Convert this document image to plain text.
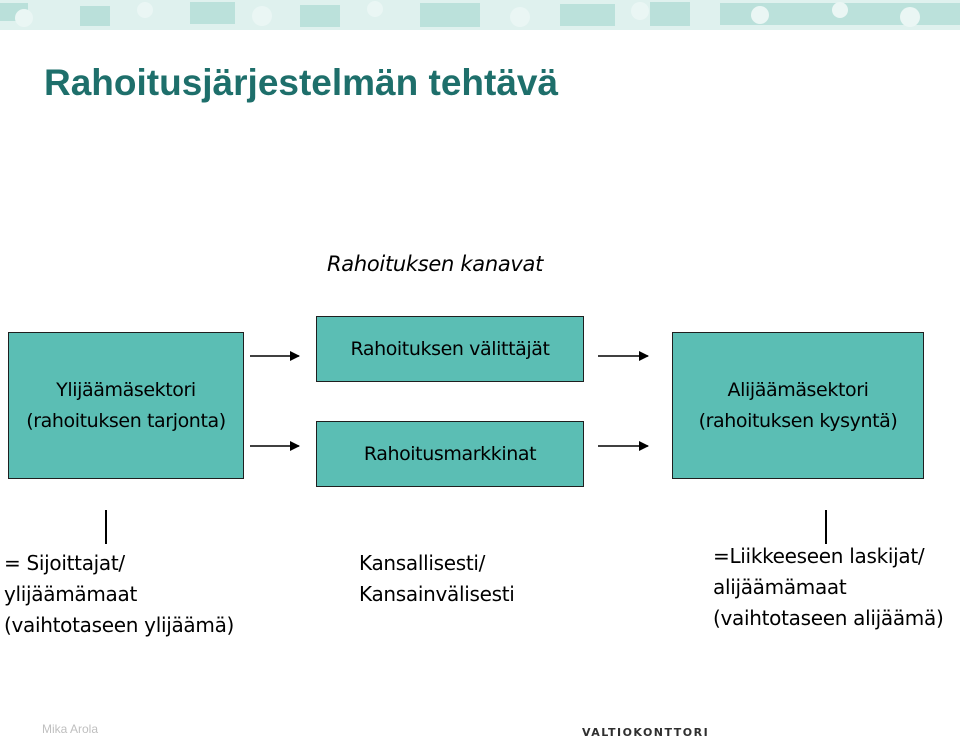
Rahoitusjärjestelmän tehtävä
Rahoituksen kanavat
Ylijäämäsektori
(rahoituksen tarjonta)
Rahoituksen välittäjät
Rahoitusmarkkinat
Alijäämäsektori
(rahoituksen kysyntä)
= Sijoittajat/
ylijäämämaat
(vaihtotaseen ylijäämä)
Kansallisesti/
Kansainvälisesti
=Liikkeeseen laskijat/
alijäämämaat
(vaihtotaseen alijäämä)
Mika Arola	VALTIOKONTTORI
